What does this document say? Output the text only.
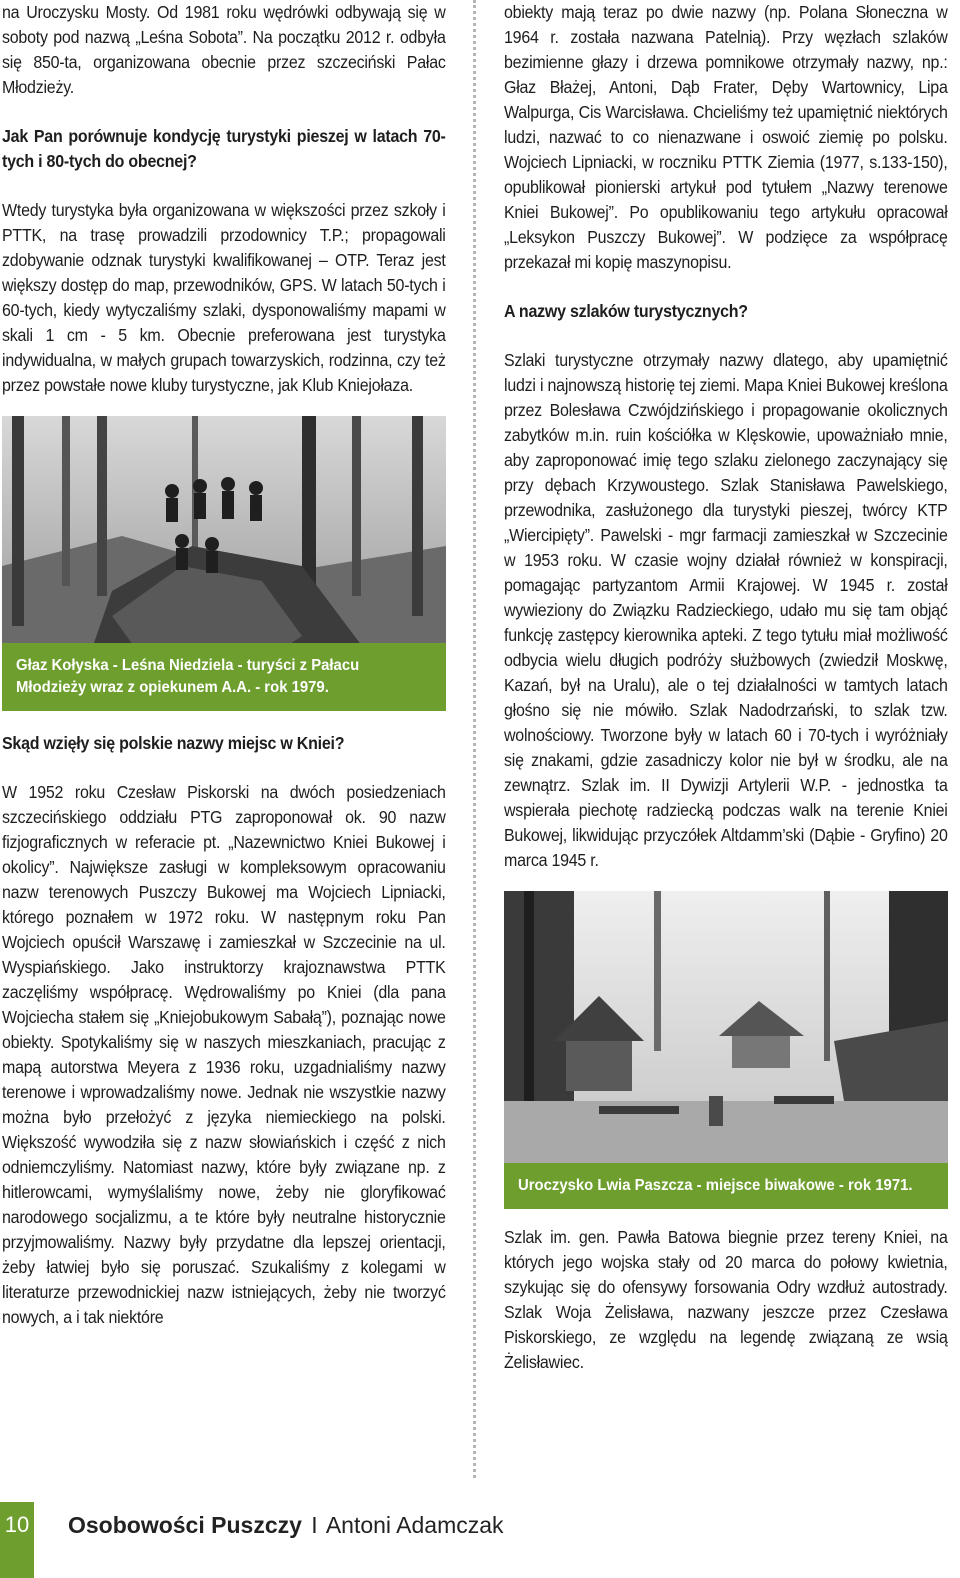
na Uroczysku Mosty. Od 1981 roku wędrówki odbywają się w soboty pod nazwą „Leśna Sobota”. Na początku 2012 r. odbyła się 850-ta, organizowana obecnie przez szczeciński Pałac Młodzieży.

Jak Pan porównuje kondycję turystyki pieszej w latach 70-tych i 80-tych do obecnej?

Wtedy turystyka była organizowana w większości przez szkoły i PTTK, na trasę prowadzili przodownicy T.P.; propagowali zdobywanie odznak turystyki kwalifikowanej – OTP. Teraz jest większy dostęp do map, przewodników, GPS. W latach 50-tych i 60-tych, kiedy wytyczaliśmy szlaki, dysponowaliśmy mapami w skali 1 cm - 5 km. Obecnie preferowana jest turystyka indywidualna, w małych grupach towarzyskich, rodzinna, czy też przez powstałe nowe kluby turystyczne, jak Klub Kniejołaza.

Głaz Kołyska - Leśna Niedziela - turyści z Pałacu Młodzieży wraz z opiekunem A.A. - rok 1979.

Skąd wzięły się polskie nazwy miejsc w Kniei?

W 1952 roku Czesław Piskorski na dwóch posiedzeniach szczecińskiego oddziału PTG zaproponował ok. 90 nazw fizjograficznych w referacie pt. „Nazewnictwo Kniei Bukowej i okolicy”. Największe zasługi w kompleksowym opracowaniu nazw terenowych Puszczy Bukowej ma Wojciech Lipniacki, którego poznałem w 1972 roku. W następnym roku Pan Wojciech opuścił Warszawę i zamieszkał w Szczecinie na ul. Wyspiańskiego. Jako instruktorzy krajoznawstwa PTTK zaczęliśmy współpracę. Wędrowaliśmy po Kniei (dla pana Wojciecha stałem się „Kniejobukowym Sabałą”), poznając nowe obiekty. Spotykaliśmy się w naszych mieszkaniach, pracując z mapą autorstwa Meyera z 1936 roku, uzgadnialiśmy nazwy terenowe i wprowadzaliśmy nowe. Jednak nie wszystkie nazwy można było przełożyć z języka niemieckiego na polski. Większość wywodziła się z nazw słowiańskich i część z nich odniemczyliśmy. Natomiast nazwy, które były związane np. z hitlerowcami, wymyślaliśmy nowe, żeby nie gloryfikować narodowego socjalizmu, a te które były neutralne historycznie przyjmowaliśmy. Nazwy były przydatne dla lepszej orientacji, żeby łatwiej było się poruszać. Szukaliśmy z kolegami w literaturze przewodnickiej nazw istniejących, żeby nie tworzyć nowych, a i tak niektóre

obiekty mają teraz po dwie nazwy (np. Polana Słoneczna w 1964 r. została nazwana Patelnią). Przy węzłach szlaków bezimienne głazy i drzewa pomnikowe otrzymały nazwy, np.: Głaz Błażej, Antoni, Dąb Frater, Dęby Wartownicy, Lipa Walpurga, Cis Warcisława. Chcieliśmy też upamiętnić niektórych ludzi, nazwać to co nienazwane i oswoić ziemię po polsku. Wojciech Lipniacki, w roczniku PTTK Ziemia (1977, s.133-150), opublikował pionierski artykuł pod tytułem „Nazwy terenowe Kniei Bukowej”. Po opublikowaniu tego artykułu opracował „Leksykon Puszczy Bukowej”. W podzięce za współpracę przekazał mi kopię maszynopisu.

A nazwy szlaków turystycznych?

Szlaki turystyczne otrzymały nazwy dlatego, aby upamiętnić ludzi i najnowszą historię tej ziemi. Mapa Kniei Bukowej kreślona przez Bolesława Czwójdzińskiego i propagowanie okolicznych zabytków m.in. ruin kościółka w Klęskowie, upoważniało mnie, aby zaproponować imię tego szlaku zielonego zaczynający się przy dębach Krzywoustego. Szlak Stanisława Pawelskiego, przewodnika, zasłużonego dla turystyki pieszej, twórcy KTP „Wiercipięty”. Pawelski - mgr farmacji zamieszkał w Szczecinie w 1953 roku. W czasie wojny działał również w konspiracji, pomagając partyzantom Armii Krajowej. W 1945 r. został wywieziony do Związku Radzieckiego, udało mu się tam objąć funkcję zastępcy kierownika apteki. Z tego tytułu miał możliwość odbycia wielu długich podróży służbowych (zwiedził Moskwę, Kazań, był na Uralu), ale o tej działalności w tamtych latach głośno się nie mówiło. Szlak Nadodrzański, to szlak tzw. wolnościowy. Tworzone były w latach 60 i 70-tych i wyróżniały się znakami, gdzie zasadniczy kolor nie był w środku, ale na zewnątrz. Szlak im. II Dywizji Artylerii W.P. - jednostka ta wspierała piechotę radziecką podczas walk na terenie Kniei Bukowej, likwidując przyczółek Altdamm’ski (Dąbie - Gryfino) 20 marca 1945 r.

Uroczysko Lwia Paszcza - miejsce biwakowe - rok 1971.

Szlak im. gen. Pawła Batowa biegnie przez tereny Kniei, na których jego wojska stały od 20 marca do połowy kwietnia, szykując się do ofensywy forsowania Odry wzdłuż autostrady. Szlak Woja Żelisława, nazwany jeszcze przez Czesława Piskorskiego, ze względu na legendę związaną ze wsią Żelisławiec.

10 Osobowości Puszczy I Antoni Adamczak
